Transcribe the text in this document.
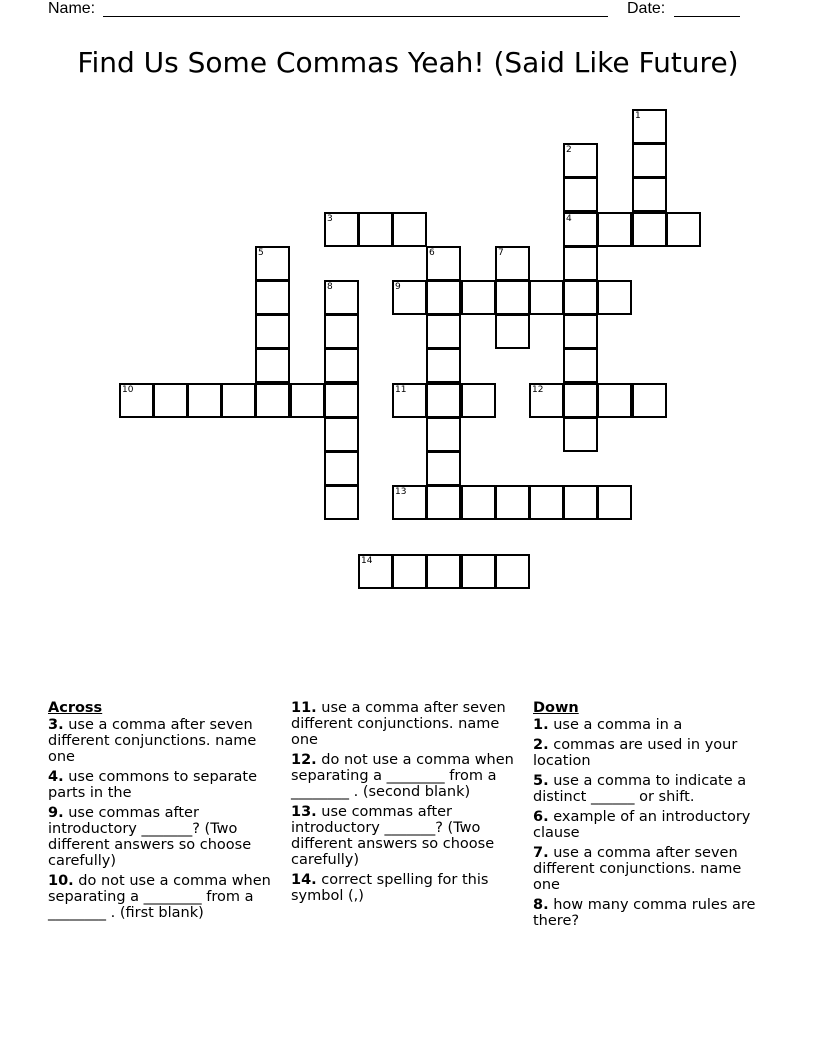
Name:	Date:
Find Us Some Commas Yeah! (Said Like Future)
1
2
4
3
5	6	7
8	9
10	11	12
13
14
Across
3. use a comma after seven different conjunctions. name one
4. use commons to separate parts in the
9. use commas after introductory _______? (Two different answers so choose carefully)
10. do not use a comma when separating a ________ from a ________ . (first blank)
11. use a comma after seven different conjunctions. name one
12. do not use a comma when separating a ________ from a ________ . (second blank)
13. use commas after introductory _______? (Two different answers so choose carefully)
14. correct spelling for this symbol (,)
Down
1. use a comma in a
2. commas are used in your location
5. use a comma to indicate a distinct ______ or shift.
6. example of an introductory clause
7. use a comma after seven different conjunctions. name one
8. how many comma rules are there?
